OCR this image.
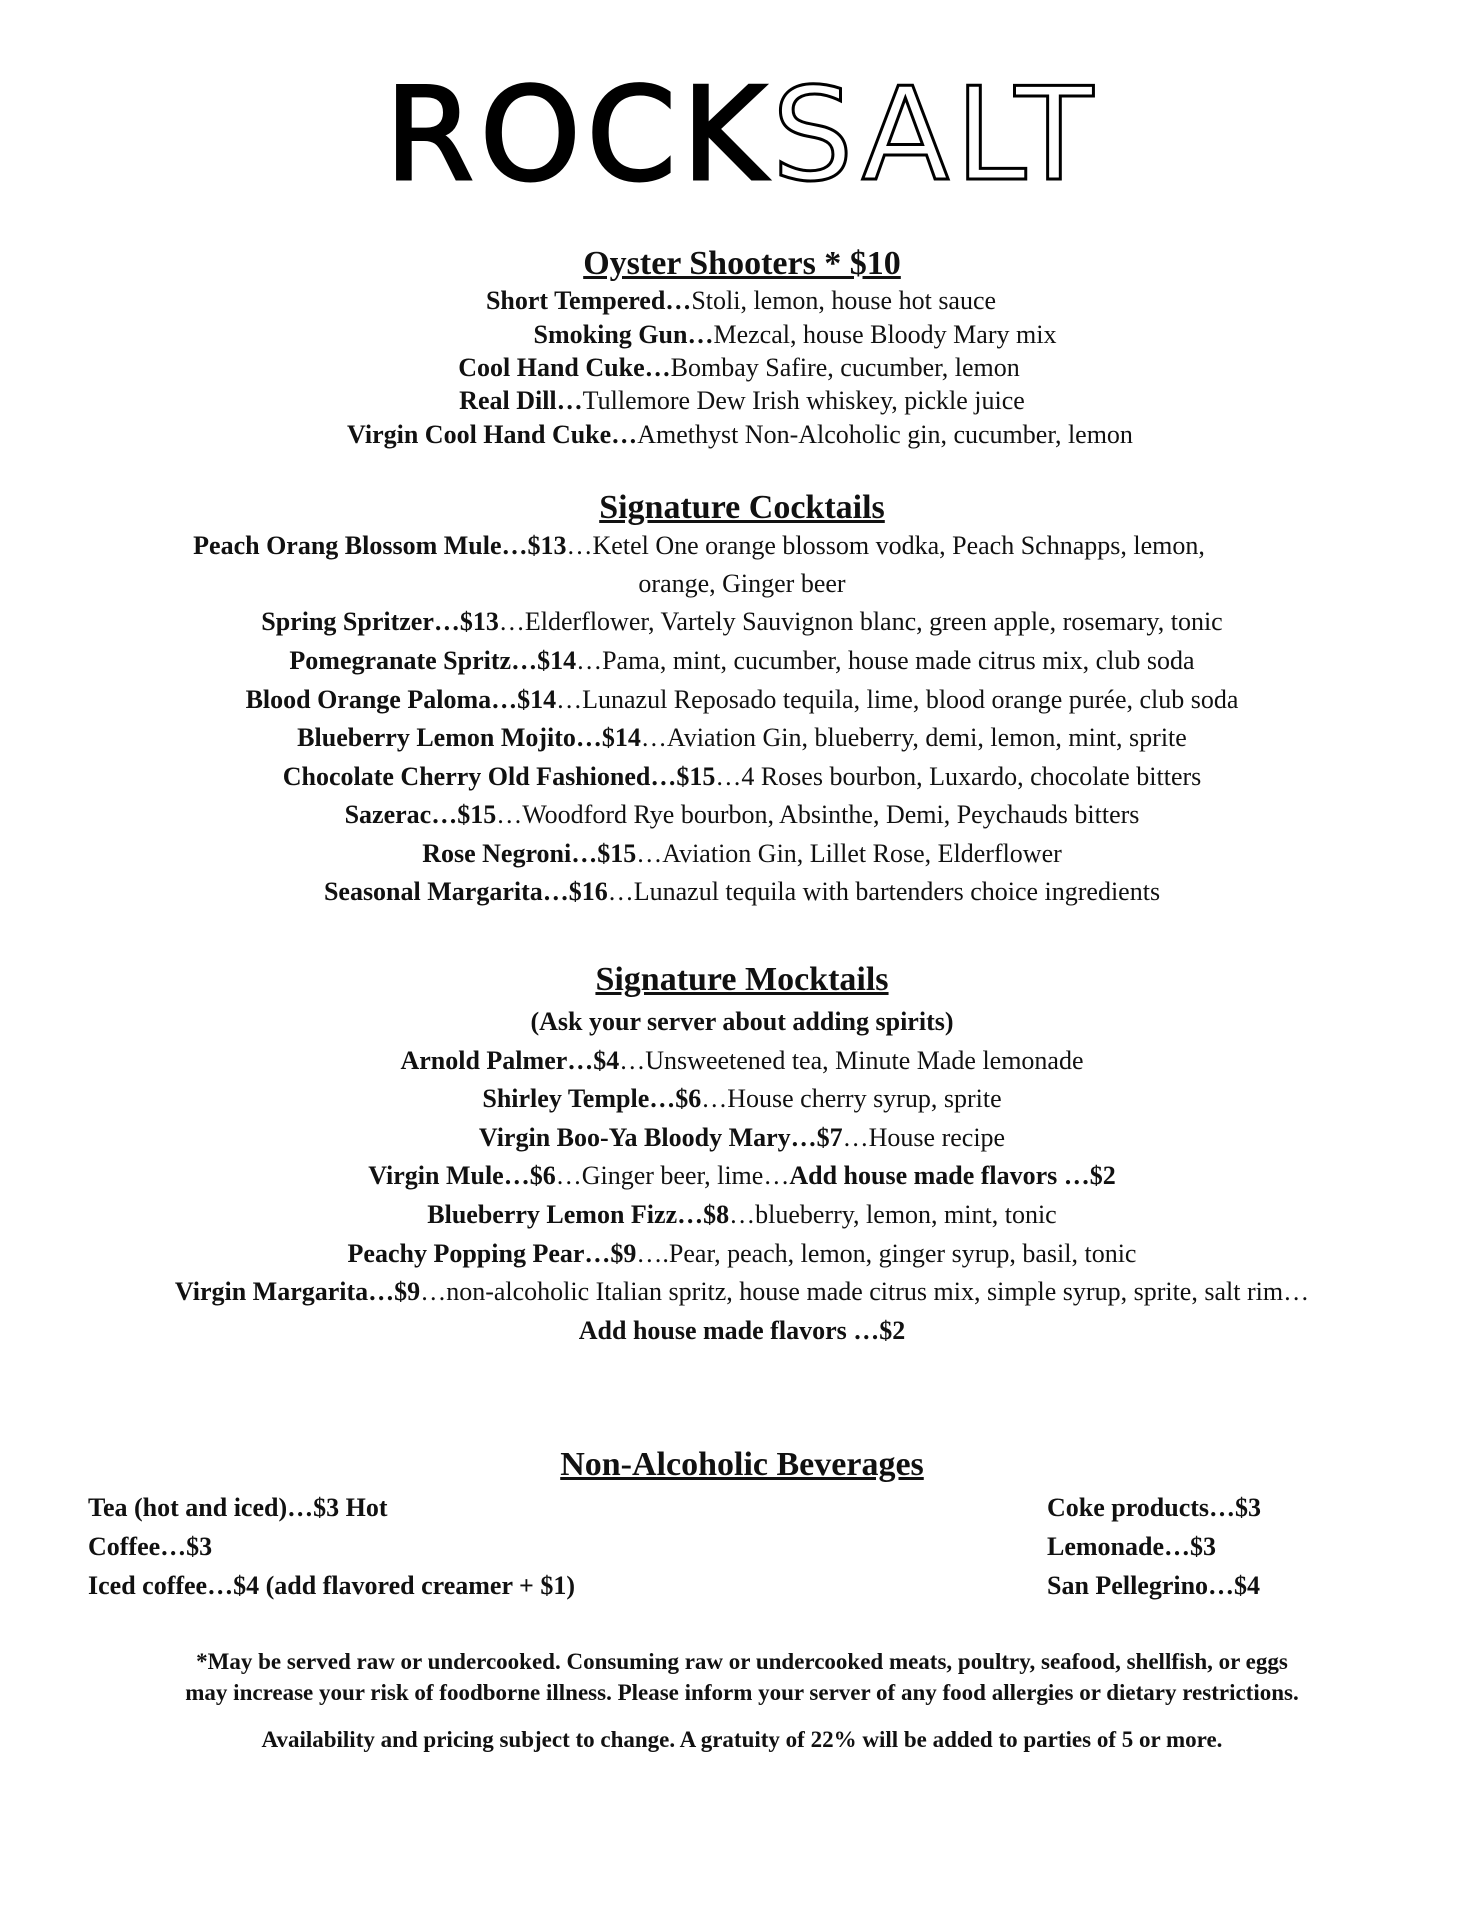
ROCKSALT
Oyster Shooters * $10
Short Tempered…Stoli, lemon, house hot sauce
Smoking Gun…Mezcal, house Bloody Mary mix
Cool Hand Cuke…Bombay Safire, cucumber, lemon
Real Dill…Tullemore Dew Irish whiskey, pickle juice
Virgin Cool Hand Cuke…Amethyst Non-Alcoholic gin, cucumber, lemon
Signature Cocktails
Peach Orang Blossom Mule…$13…Ketel One orange blossom vodka, Peach Schnapps, lemon,
orange, Ginger beer
Spring Spritzer…$13…Elderflower, Vartely Sauvignon blanc, green apple, rosemary, tonic
Pomegranate Spritz…$14…Pama, mint, cucumber, house made citrus mix, club soda
Blood Orange Paloma…$14…Lunazul Reposado tequila, lime, blood orange purée, club soda
Blueberry Lemon Mojito…$14…Aviation Gin, blueberry, demi, lemon, mint, sprite
Chocolate Cherry Old Fashioned…$15…4 Roses bourbon, Luxardo, chocolate bitters
Sazerac…$15…Woodford Rye bourbon, Absinthe, Demi, Peychauds bitters
Rose Negroni…$15…Aviation Gin, Lillet Rose, Elderflower
Seasonal Margarita…$16…Lunazul tequila with bartenders choice ingredients
Signature Mocktails
(Ask your server about adding spirits)
Arnold Palmer…$4…Unsweetened tea, Minute Made lemonade
Shirley Temple…$6…House cherry syrup, sprite
Virgin Boo-Ya Bloody Mary…$7…House recipe
Virgin Mule…$6…Ginger beer, lime…Add house made flavors …$2
Blueberry Lemon Fizz…$8…blueberry, lemon, mint, tonic
Peachy Popping Pear…$9….Pear, peach, lemon, ginger syrup, basil, tonic
Virgin Margarita…$9…non-alcoholic Italian spritz, house made citrus mix, simple syrup, sprite, salt rim…
Add house made flavors …$2
Non-Alcoholic Beverages
Tea (hot and iced)…$3 Hot
Coffee…$3
Iced coffee…$4 (add flavored creamer + $1)
Coke products…$3
Lemonade…$3
San Pellegrino…$4
*May be served raw or undercooked. Consuming raw or undercooked meats, poultry, seafood, shellfish, or eggs
may increase your risk of foodborne illness. Please inform your server of any food allergies or dietary restrictions.
Availability and pricing subject to change. A gratuity of 22% will be added to parties of 5 or more.
